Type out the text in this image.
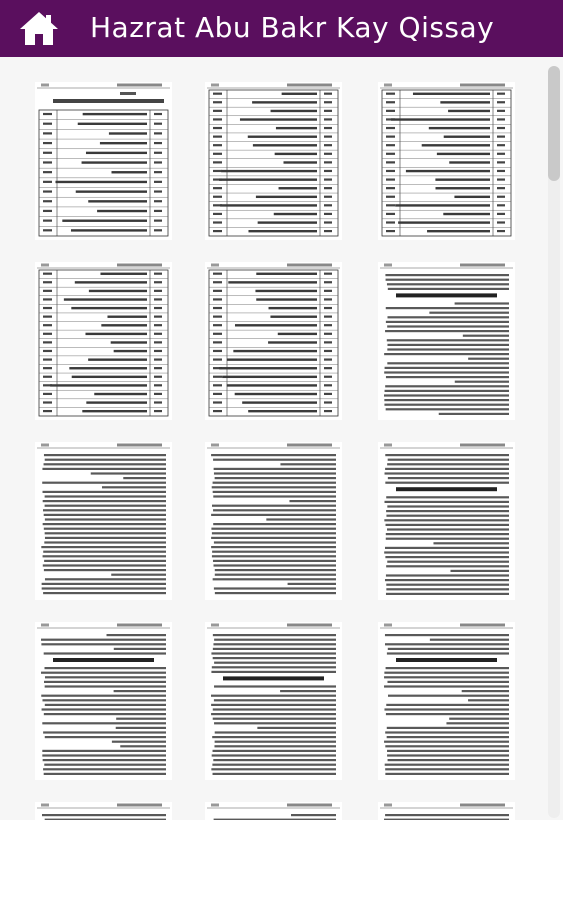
Hazrat Abu Bakr Kay Qissay
